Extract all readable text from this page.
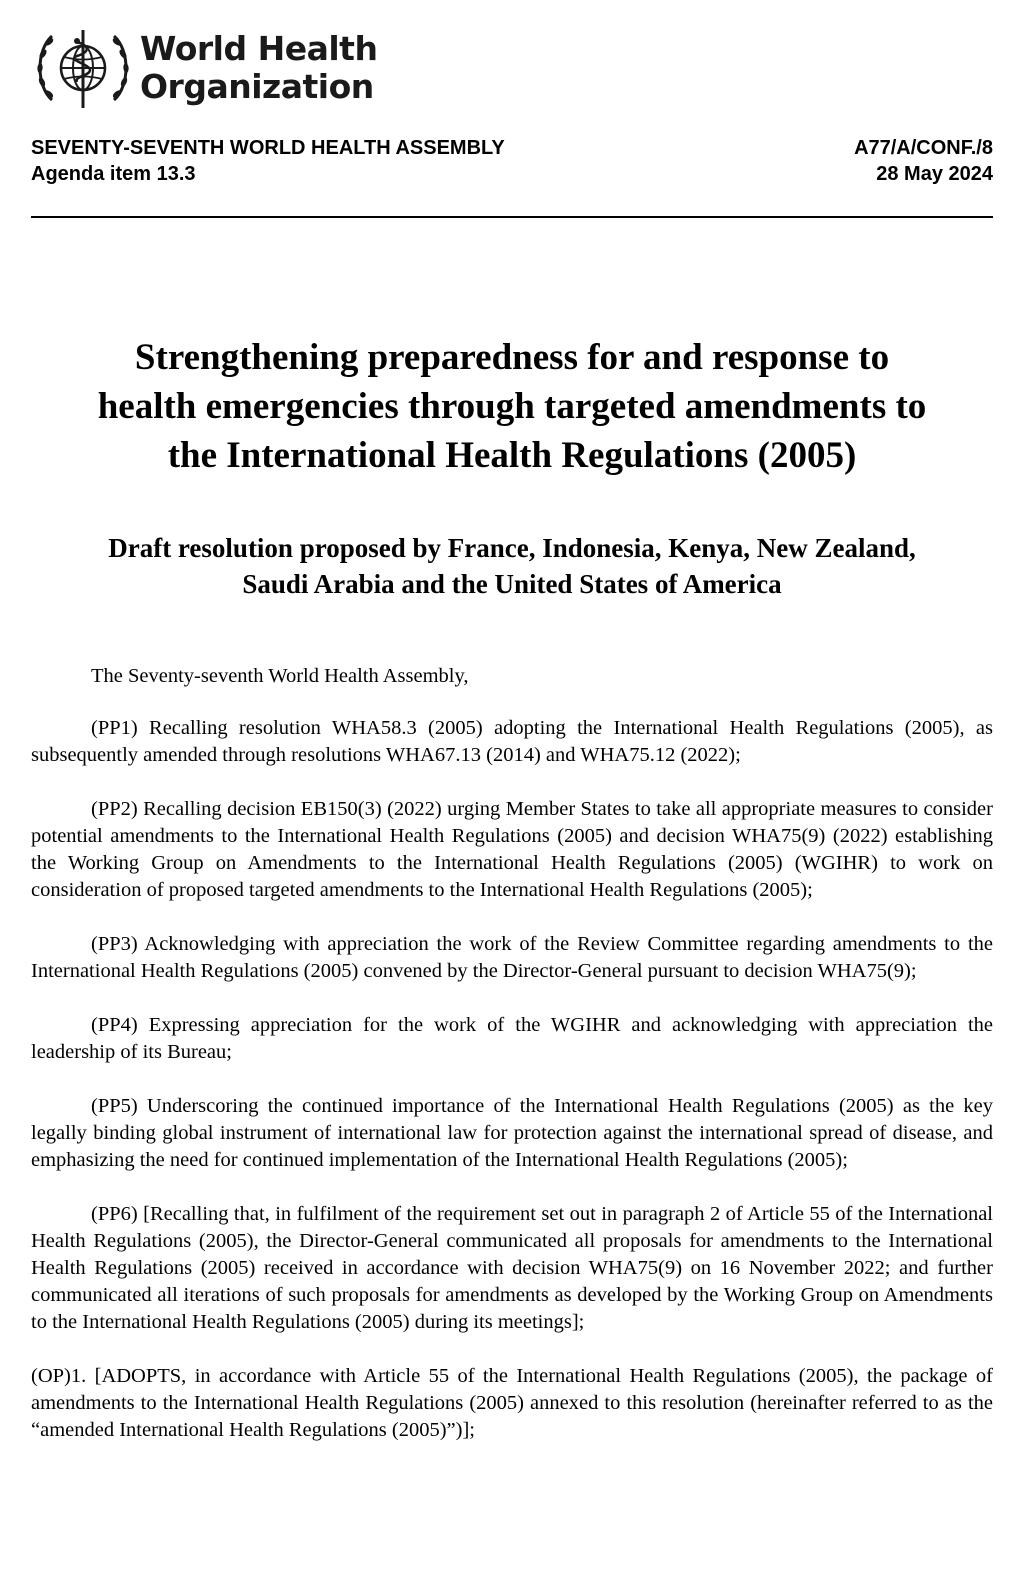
World Health
Organization
SEVENTY-SEVENTH WORLD HEALTH ASSEMBLY
Agenda item 13.3
A77/A/CONF./8
28 May 2024
Strengthening preparedness for and response to
health emergencies through targeted amendments to
the International Health Regulations (2005)
Draft resolution proposed by France, Indonesia, Kenya, New Zealand,
Saudi Arabia and the United States of America

The Seventy-seventh World Health Assembly,

(PP1) Recalling resolution WHA58.3 (2005) adopting the International Health Regulations (2005), as subsequently amended through resolutions WHA67.13 (2014) and WHA75.12 (2022);

(PP2) Recalling decision EB150(3) (2022) urging Member States to take all appropriate measures to consider potential amendments to the International Health Regulations (2005) and decision WHA75(9) (2022) establishing the Working Group on Amendments to the International Health Regulations (2005) (WGIHR) to work on consideration of proposed targeted amendments to the International Health Regulations (2005);

(PP3) Acknowledging with appreciation the work of the Review Committee regarding amendments to the International Health Regulations (2005) convened by the Director-General pursuant to decision WHA75(9);

(PP4) Expressing appreciation for the work of the WGIHR and acknowledging with appreciation the leadership of its Bureau;

(PP5) Underscoring the continued importance of the International Health Regulations (2005) as the key legally binding global instrument of international law for protection against the international spread of disease, and emphasizing the need for continued implementation of the International Health Regulations (2005);

(PP6) [Recalling that, in fulfilment of the requirement set out in paragraph 2 of Article 55 of the International Health Regulations (2005), the Director-General communicated all proposals for amendments to the International Health Regulations (2005) received in accordance with decision WHA75(9) on 16 November 2022; and further communicated all iterations of such proposals for amendments as developed by the Working Group on Amendments to the International Health Regulations (2005) during its meetings];

(OP)1. [ADOPTS, in accordance with Article 55 of the International Health Regulations (2005), the package of amendments to the International Health Regulations (2005) annexed to this resolution (hereinafter referred to as the “amended International Health Regulations (2005)”)];
